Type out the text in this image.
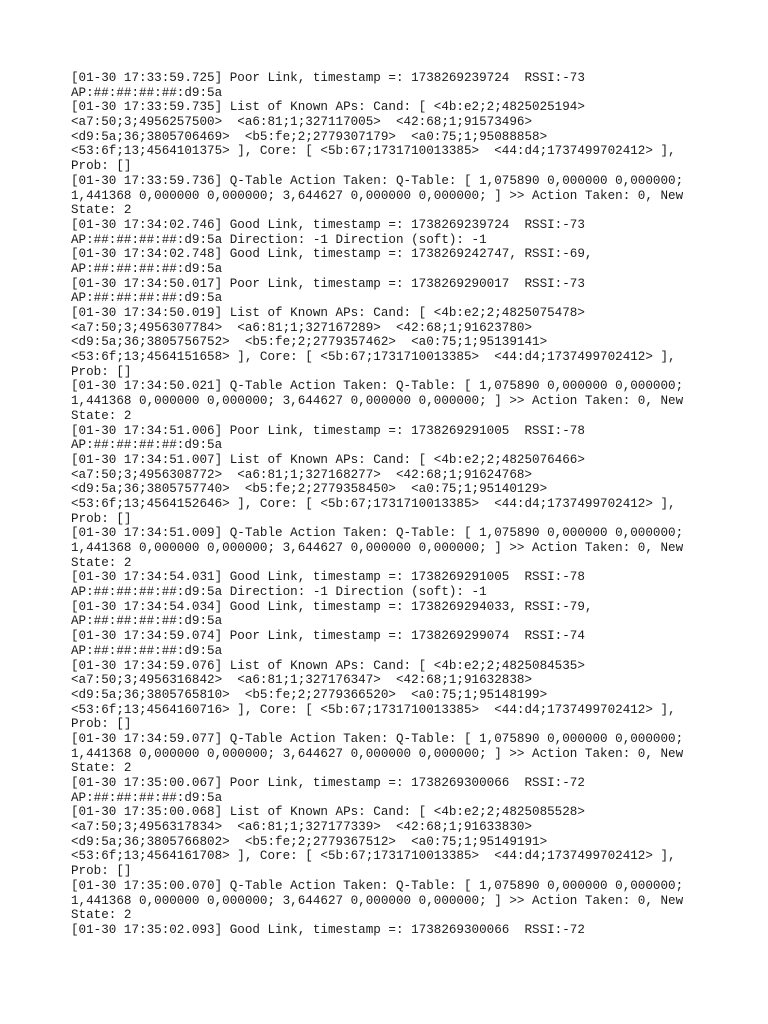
[01-30 17:33:59.725] Poor Link, timestamp =: 1738269239724  RSSI:-73
AP:##:##:##:##:d9:5a
[01-30 17:33:59.735] List of Known APs: Cand: [ <4b:e2;2;4825025194>
<a7:50;3;4956257500>  <a6:81;1;327117005>  <42:68;1;91573496>
<d9:5a;36;3805706469>  <b5:fe;2;2779307179>  <a0:75;1;95088858>
<53:6f;13;4564101375> ], Core: [ <5b:67;1731710013385>  <44:d4;1737499702412> ],
Prob: []
[01-30 17:33:59.736] Q-Table Action Taken: Q-Table: [ 1,075890 0,000000 0,000000;
1,441368 0,000000 0,000000; 3,644627 0,000000 0,000000; ] >> Action Taken: 0, New
State: 2
[01-30 17:34:02.746] Good Link, timestamp =: 1738269239724  RSSI:-73
AP:##:##:##:##:d9:5a Direction: -1 Direction (soft): -1
[01-30 17:34:02.748] Good Link, timestamp =: 1738269242747, RSSI:-69,
AP:##:##:##:##:d9:5a
[01-30 17:34:50.017] Poor Link, timestamp =: 1738269290017  RSSI:-73
AP:##:##:##:##:d9:5a
[01-30 17:34:50.019] List of Known APs: Cand: [ <4b:e2;2;4825075478>
<a7:50;3;4956307784>  <a6:81;1;327167289>  <42:68;1;91623780>
<d9:5a;36;3805756752>  <b5:fe;2;2779357462>  <a0:75;1;95139141>
<53:6f;13;4564151658> ], Core: [ <5b:67;1731710013385>  <44:d4;1737499702412> ],
Prob: []
[01-30 17:34:50.021] Q-Table Action Taken: Q-Table: [ 1,075890 0,000000 0,000000;
1,441368 0,000000 0,000000; 3,644627 0,000000 0,000000; ] >> Action Taken: 0, New
State: 2
[01-30 17:34:51.006] Poor Link, timestamp =: 1738269291005  RSSI:-78
AP:##:##:##:##:d9:5a
[01-30 17:34:51.007] List of Known APs: Cand: [ <4b:e2;2;4825076466>
<a7:50;3;4956308772>  <a6:81;1;327168277>  <42:68;1;91624768>
<d9:5a;36;3805757740>  <b5:fe;2;2779358450>  <a0:75;1;95140129>
<53:6f;13;4564152646> ], Core: [ <5b:67;1731710013385>  <44:d4;1737499702412> ],
Prob: []
[01-30 17:34:51.009] Q-Table Action Taken: Q-Table: [ 1,075890 0,000000 0,000000;
1,441368 0,000000 0,000000; 3,644627 0,000000 0,000000; ] >> Action Taken: 0, New
State: 2
[01-30 17:34:54.031] Good Link, timestamp =: 1738269291005  RSSI:-78
AP:##:##:##:##:d9:5a Direction: -1 Direction (soft): -1
[01-30 17:34:54.034] Good Link, timestamp =: 1738269294033, RSSI:-79,
AP:##:##:##:##:d9:5a
[01-30 17:34:59.074] Poor Link, timestamp =: 1738269299074  RSSI:-74
AP:##:##:##:##:d9:5a
[01-30 17:34:59.076] List of Known APs: Cand: [ <4b:e2;2;4825084535>
<a7:50;3;4956316842>  <a6:81;1;327176347>  <42:68;1;91632838>
<d9:5a;36;3805765810>  <b5:fe;2;2779366520>  <a0:75;1;95148199>
<53:6f;13;4564160716> ], Core: [ <5b:67;1731710013385>  <44:d4;1737499702412> ],
Prob: []
[01-30 17:34:59.077] Q-Table Action Taken: Q-Table: [ 1,075890 0,000000 0,000000;
1,441368 0,000000 0,000000; 3,644627 0,000000 0,000000; ] >> Action Taken: 0, New
State: 2
[01-30 17:35:00.067] Poor Link, timestamp =: 1738269300066  RSSI:-72
AP:##:##:##:##:d9:5a
[01-30 17:35:00.068] List of Known APs: Cand: [ <4b:e2;2;4825085528>
<a7:50;3;4956317834>  <a6:81;1;327177339>  <42:68;1;91633830>
<d9:5a;36;3805766802>  <b5:fe;2;2779367512>  <a0:75;1;95149191>
<53:6f;13;4564161708> ], Core: [ <5b:67;1731710013385>  <44:d4;1737499702412> ],
Prob: []
[01-30 17:35:00.070] Q-Table Action Taken: Q-Table: [ 1,075890 0,000000 0,000000;
1,441368 0,000000 0,000000; 3,644627 0,000000 0,000000; ] >> Action Taken: 0, New
State: 2
[01-30 17:35:02.093] Good Link, timestamp =: 1738269300066  RSSI:-72
